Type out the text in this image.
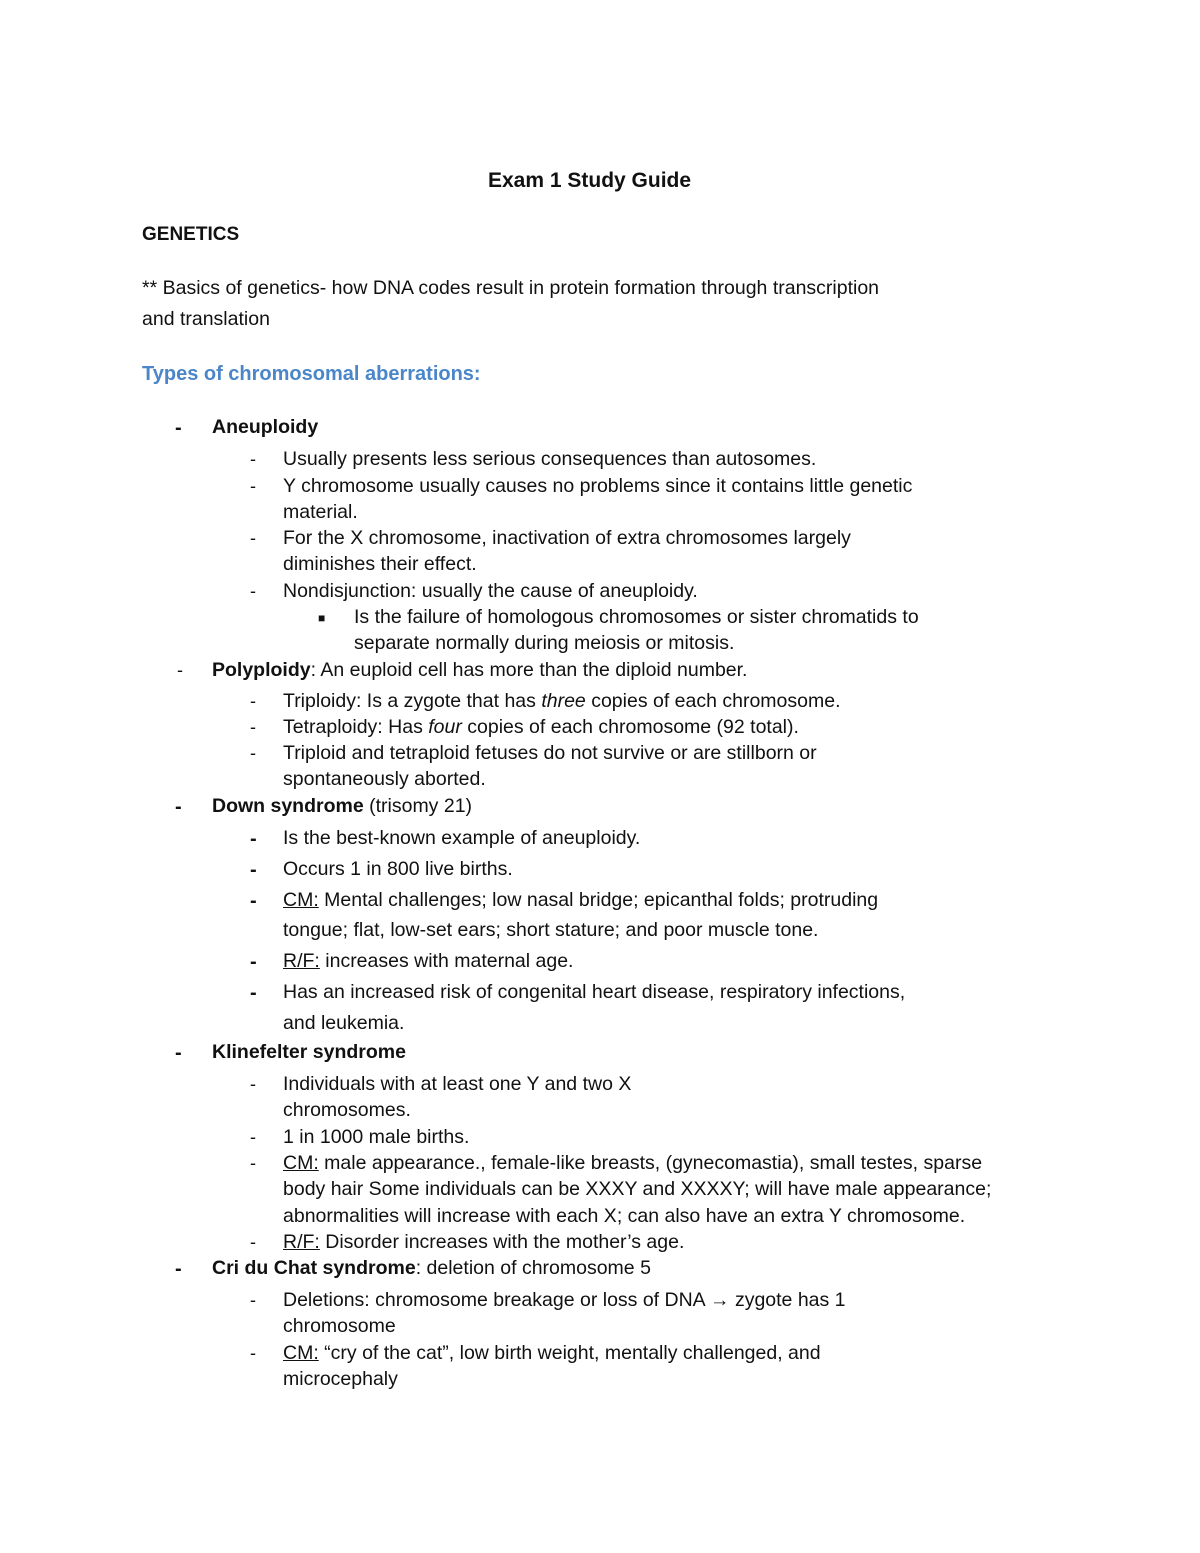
Exam 1 Study Guide
GENETICS
** Basics of genetics- how DNA codes result in protein formation through transcription
and translation
Types of chromosomal aberrations:
- Aneuploidy
- Usually presents less serious consequences than autosomes.
- Y chromosome usually causes no problems since it contains little genetic
material.
- For the X chromosome, inactivation of extra chromosomes largely
diminishes their effect.
- Nondisjunction: usually the cause of aneuploidy.
■ Is the failure of homologous chromosomes or sister chromatids to
separate normally during meiosis or mitosis.
- Polyploidy: An euploid cell has more than the diploid number.
- Triploidy: Is a zygote that has three copies of each chromosome.
- Tetraploidy: Has four copies of each chromosome (92 total).
- Triploid and tetraploid fetuses do not survive or are stillborn or
spontaneously aborted.
- Down syndrome (trisomy 21)
- Is the best-known example of aneuploidy.
- Occurs 1 in 800 live births.
- CM: Mental challenges; low nasal bridge; epicanthal folds; protruding
tongue; flat, low-set ears; short stature; and poor muscle tone.
- R/F: increases with maternal age.
- Has an increased risk of congenital heart disease, respiratory infections,
and leukemia.
- Klinefelter syndrome
- Individuals with at least one Y and two X
chromosomes.
- 1 in 1000 male births.
- CM: male appearance., female-like breasts, (gynecomastia), small testes, sparse
body hair Some individuals can be XXXY and XXXXY; will have male appearance;
abnormalities will increase with each X; can also have an extra Y chromosome.
- R/F: Disorder increases with the mother’s age.
- Cri du Chat syndrome: deletion of chromosome 5
- Deletions: chromosome breakage or loss of DNA → zygote has 1
chromosome
- CM: “cry of the cat”, low birth weight, mentally challenged, and
microcephaly
